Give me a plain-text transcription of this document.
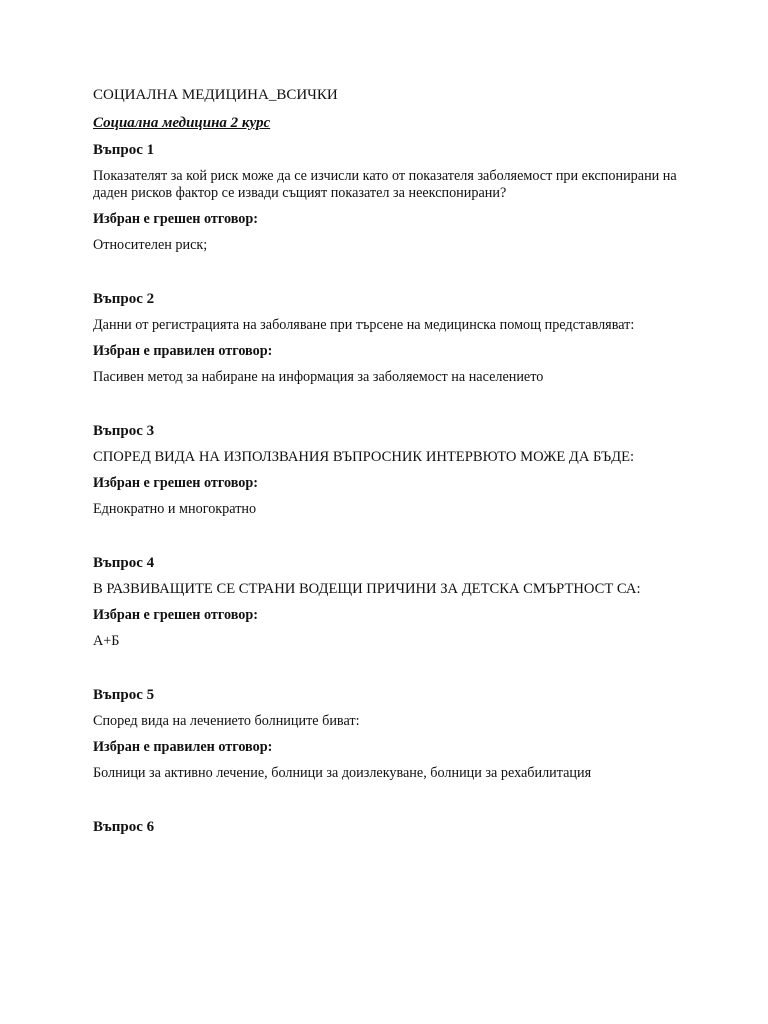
СОЦИАЛНА МЕДИЦИНА_ВСИЧКИ

Социална медицина 2 курс

Въпрос 1

Показателят за кой риск може да се изчисли като от показателя заболяемост при експонирани на даден рисков фактор се извади същият показател за неекспонирани?

Избран е грешен отговор:

Относителен риск;

Въпрос 2

Данни от регистрацията на заболяване при търсене на медицинска помощ представляват:

Избран е правилен отговор:

Пасивен метод за набиране на информация за заболяемост на населението

Въпрос 3

СПОРЕД ВИДА НА ИЗПОЛЗВАНИЯ ВЪПРОСНИК ИНТЕРВЮТО МОЖЕ ДА БЪДЕ:

Избран е грешен отговор:

Еднократно и многократно

Въпрос 4

В РАЗВИВАЩИТЕ СЕ СТРАНИ ВОДЕЩИ ПРИЧИНИ ЗА ДЕТСКА СМЪРТНОСТ СА:

Избран е грешен отговор:

А+Б

Въпрос 5

Според вида на лечението болниците биват:

Избран е правилен отговор:

Болници за активно лечение, болници за доизлекуване, болници за рехабилитация

Въпрос 6
